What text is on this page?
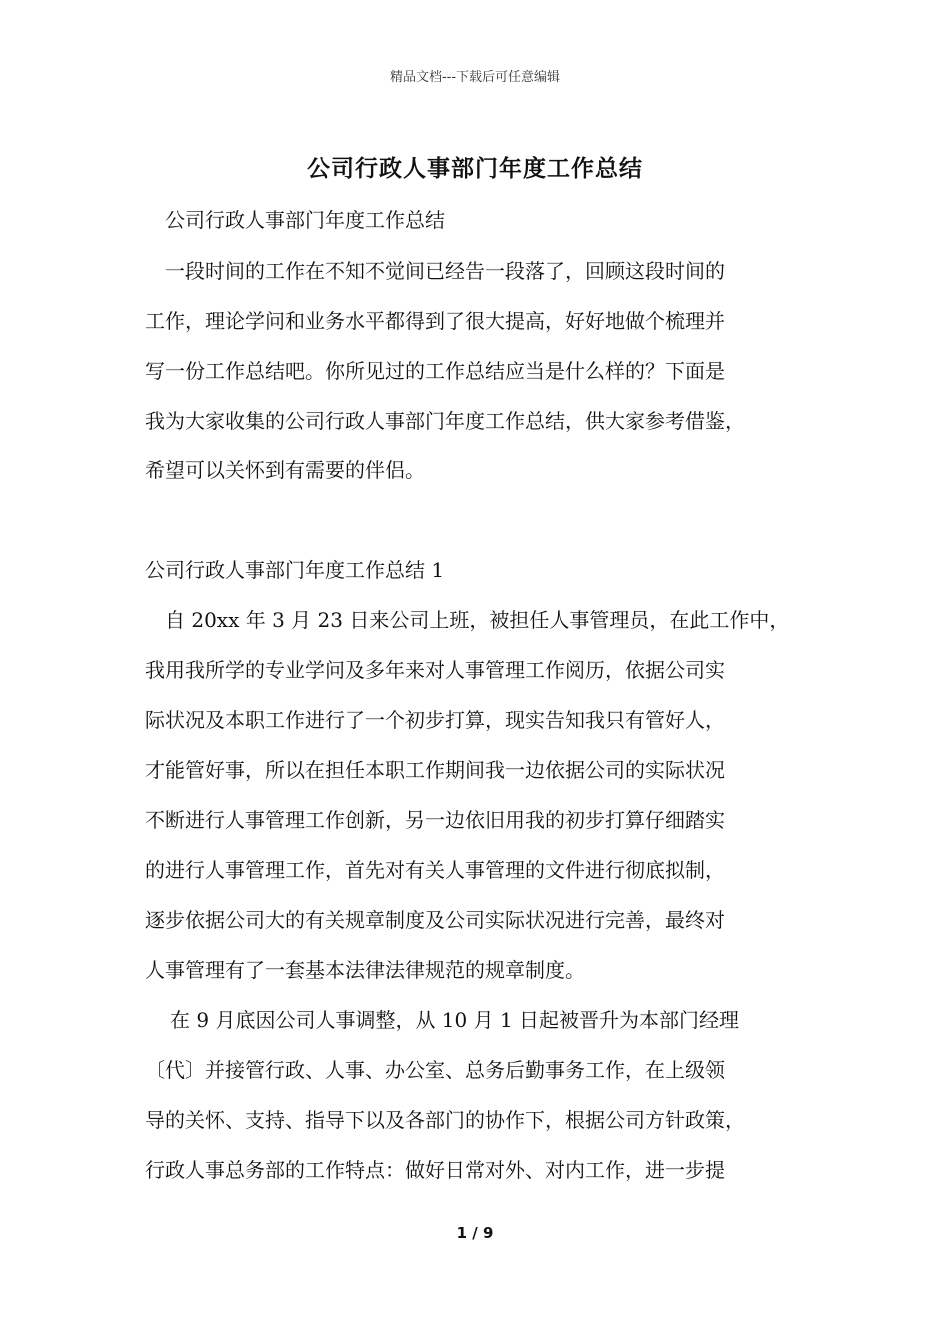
精品文档---下载后可任意编辑
公司行政人事部门年度工作总结
公司行政人事部门年度工作总结
一段时间的工作在不知不觉间已经告一段落了，回顾这段时间的
工作，理论学问和业务水平都得到了很大提高，好好地做个梳理并
写一份工作总结吧。你所见过的工作总结应当是什么样的？下面是
我为大家收集的公司行政人事部门年度工作总结，供大家参考借鉴，
希望可以关怀到有需要的伴侣。
公司行政人事部门年度工作总结 1
自 20xx 年 3 月 23 日来公司上班，被担任人事管理员，在此工作中，
我用我所学的专业学问及多年来对人事管理工作阅历，依据公司实
际状况及本职工作进行了一个初步打算，现实告知我只有管好人，
才能管好事，所以在担任本职工作期间我一边依据公司的实际状况
不断进行人事管理工作创新，另一边依旧用我的初步打算仔细踏实
的进行人事管理工作，首先对有关人事管理的文件进行彻底拟制，
逐步依据公司大的有关规章制度及公司实际状况进行完善，最终对
人事管理有了一套基本法律法律规范的规章制度。
在 9 月底因公司人事调整，从 10 月 1 日起被晋升为本部门经理
〔代〕并接管行政、人事、办公室、总务后勤事务工作，在上级领
导的关怀、支持、指导下以及各部门的协作下，根据公司方针政策，
行政人事总务部的工作特点：做好日常对外、对内工作，进一步提
1 / 9
